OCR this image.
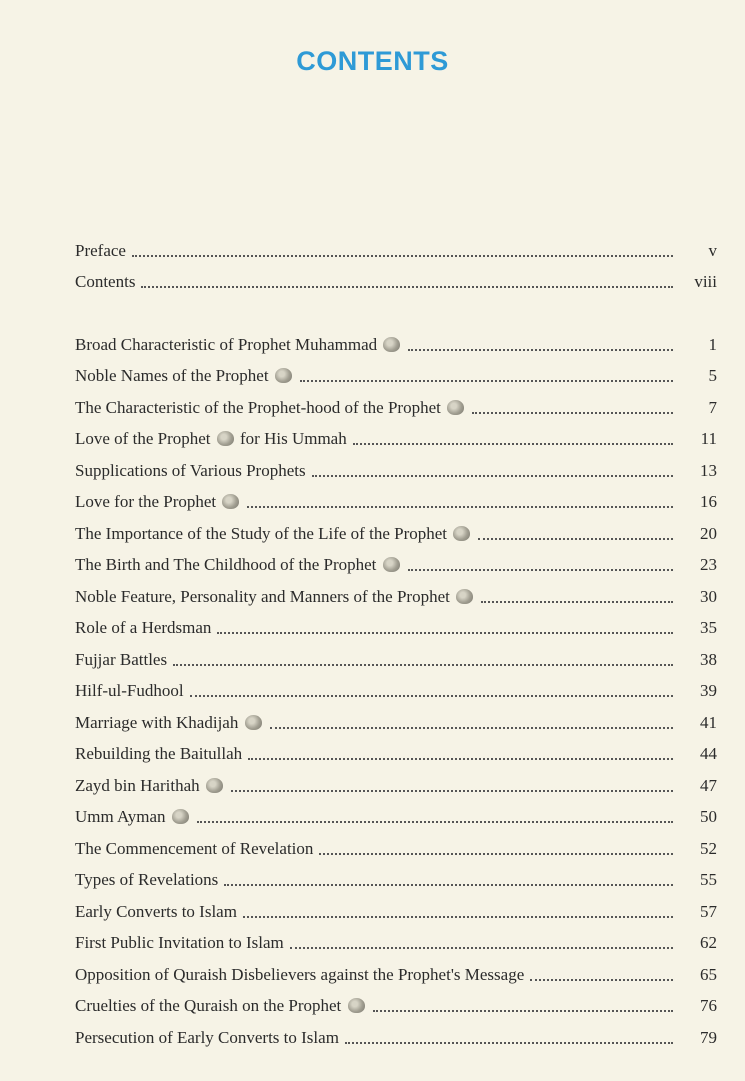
CONTENTS
Preface	v
Contents	viii
Broad Characteristic of Prophet Muhammad	1
Noble Names of the Prophet	5
The Characteristic of the Prophet-hood of the Prophet	7
Love of the Prophet for His Ummah	11
Supplications of Various Prophets	13
Love for the Prophet	16
The Importance of the Study of the Life of the Prophet	20
The Birth and The Childhood of the Prophet	23
Noble Feature, Personality and Manners of the Prophet	30
Role of a Herdsman	35
Fujjar Battles	38
Hilf-ul-Fudhool	39
Marriage with Khadijah	41
Rebuilding the Baitullah	44
Zayd bin Harithah	47
Umm Ayman	50
The Commencement of Revelation	52
Types of Revelations	55
Early Converts to Islam	57
First Public Invitation to Islam	62
Opposition of Quraish Disbelievers against the Prophet's Message	65
Cruelties of the Quraish on the Prophet	76
Persecution of Early Converts to Islam	79
